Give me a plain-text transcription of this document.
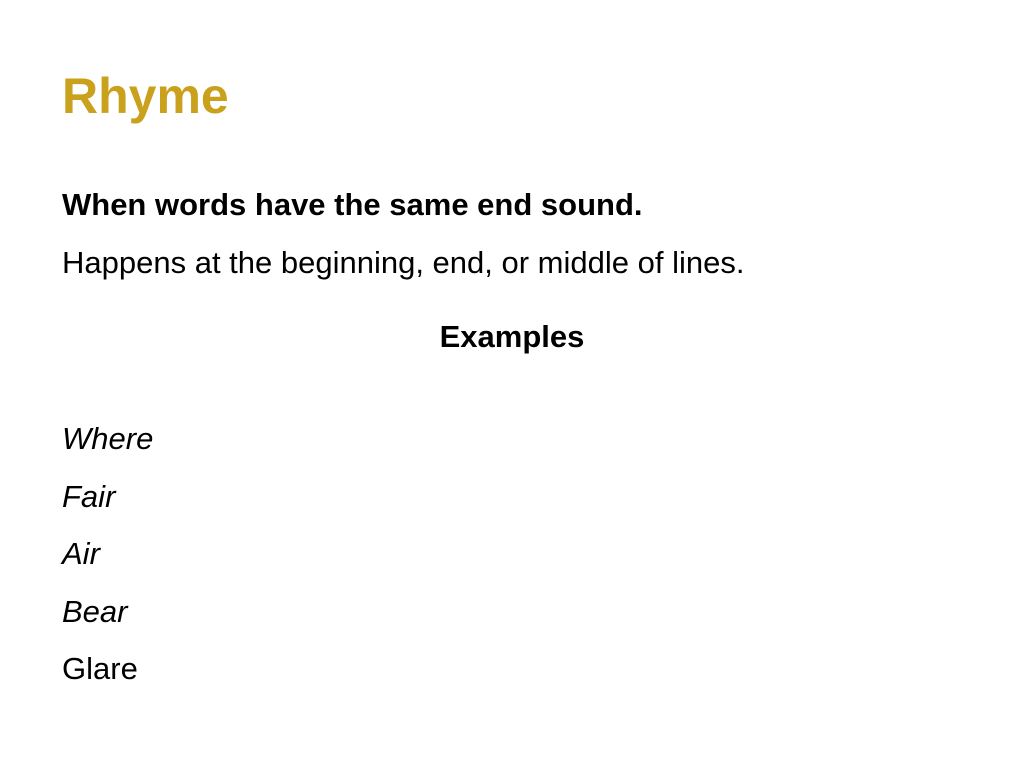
Rhyme
When words have the same end sound.
Happens at the beginning, end, or middle of lines.
Examples
Where
Fair
Air
Bear
Glare
